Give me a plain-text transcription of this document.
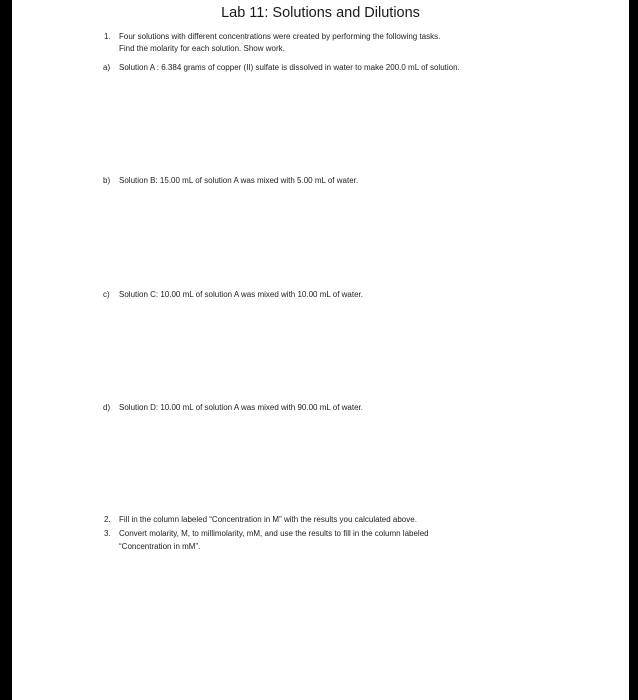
Lab 11: Solutions and Dilutions
1. Four solutions with different concentrations were created by performing the following tasks.
Find the molarity for each solution. Show work.
a) Solution A : 6.384 grams of copper (II) sulfate is dissolved in water to make 200.0 mL of solution.
b) Solution B: 15.00 mL of solution A was mixed with 5.00 mL of water.
c) Solution C: 10.00 mL of solution A was mixed with 10.00 mL of water.
d) Solution D: 10.00 mL of solution A was mixed with 90.00 mL of water.
2. Fill in the column labeled “Concentration in M” with the results you calculated above.
3. Convert molarity, M, to millimolarity, mM, and use the results to fill in the column labeled
“Concentration in mM”.
